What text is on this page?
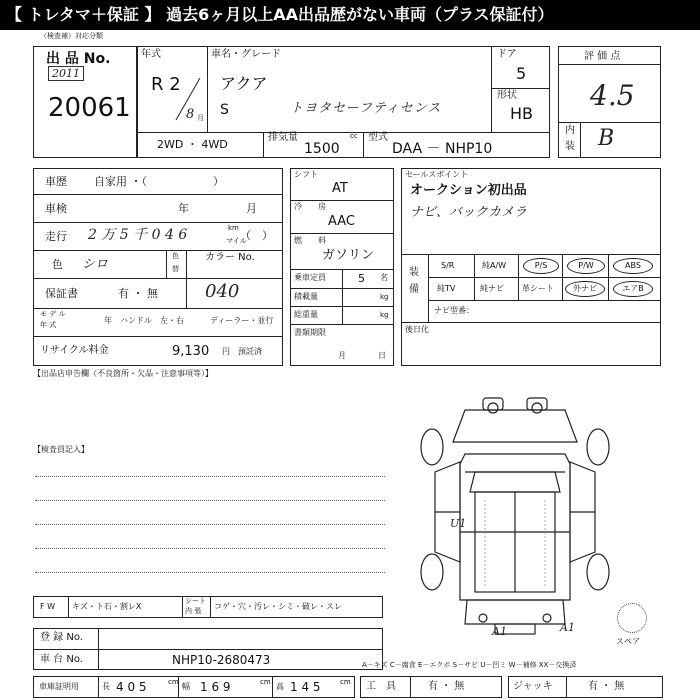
【 トレタマ＋保証 】 過去6ヶ月以上AA出品歴がない車両（プラス保証付）
（検査補）対応分類
出 品 No.
2011
20061
年式
R 2
8 月
車名・グレード
アクア
S	トヨタセーフティセンス
ドア
5
形状
HB
2WD ・ 4WD
排気量	cc
1500
型式
DAA － NHP10
評 価 点
4.5
内
装 B
車歴 自家用 ・（　　　　　　）
車検	年	月
走行 2 万 5 千 0 4 6	km
マイル
（　）
色 シロ
色
替
カラー No.
保証書	有 ・ 無	040
モ デ ル
年 式	年 ハンドル　左・右	ディーラー・並行
リサイクル料金	9,130 円 預託済
シフト
AT
冷 房
AAC
燃 料
ガソリン
乗車定員	5 名
積載量	kg
総重量	kg
書類期限
月	日
セールスポイント
オークション初出品
ナビ、バックカメラ
装
備
S/R	純A/W	P/S	P/W	ABS
純TV	純ナビ 革シート	外ナビ	エアB
ナビ型番：
後日化
【出品店申告欄（不良箇所・欠品・注意事項等）】
【検査員記入】
U1
A1	A1
スペア
F W キズ・ト石・割レX
シート
内 張 コゲ・穴・汚レ・シミ・破レ・スレ
登 録 No.
車 台 No.	NHP10-2680473	A－キズ C－腐食 E－エクボ S－サビ U－凹ミ W－補修 XX－交換済
車庫証明用	長 4 0 5	cm 幅 1 6 9	cm 高 1 4 5	cm 工　具	有 ・ 無	ジャッキ	有 ・ 無
